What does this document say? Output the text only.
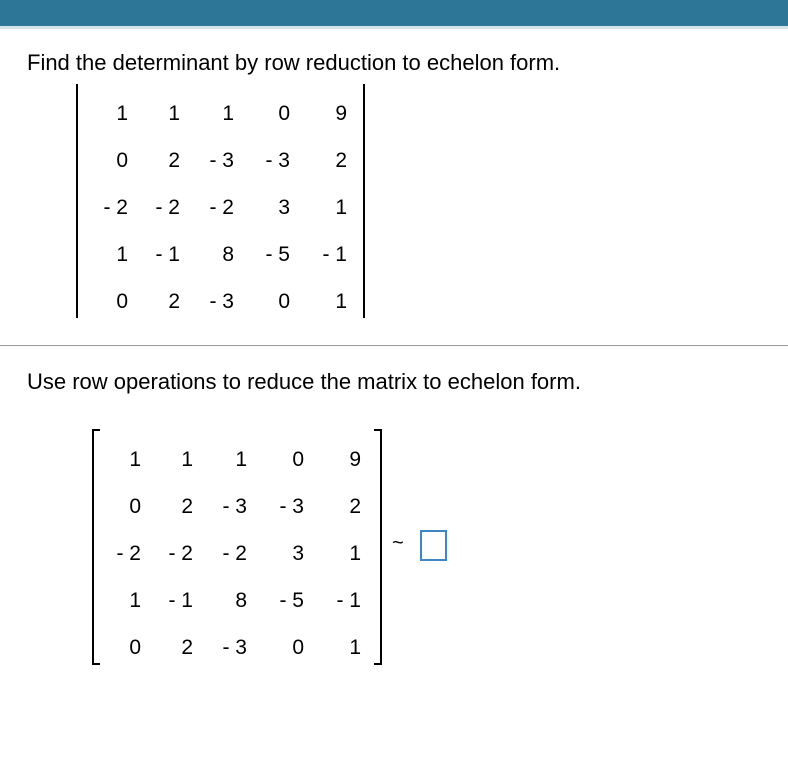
Find the determinant by row reduction to echelon form.
1	1	1	0	9
0	2	- 3	- 3	2
- 2	- 2	- 2	3	1
1	- 1	8	- 5	- 1
0	2	- 3	0	1
Use row operations to reduce the matrix to echelon form.
1	1	1	0	9
0	2	- 3	- 3	2
- 2	- 2	- 2	3	1
1	- 1	8	- 5	- 1
0	2	- 3	0	1
~
